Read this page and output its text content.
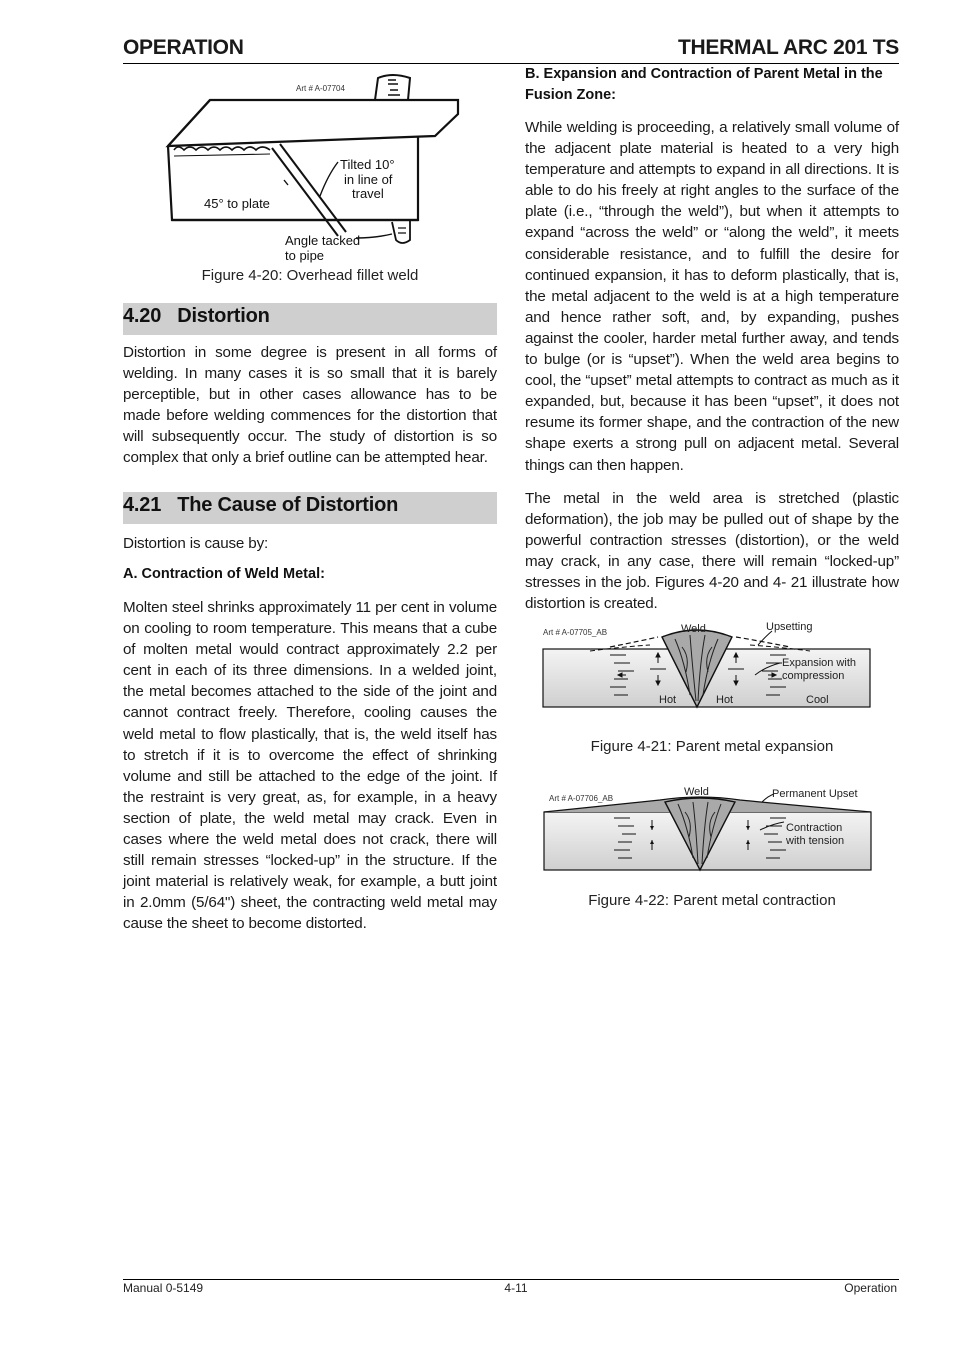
OPERATION	THERMAL ARC 201 TS
Tilted 10°
in line of
travel
45° to plate
Angle tacked
to pipe
Art # A-07704
Figure 4-20: Overhead fillet weld
4.20   Distortion
Distortion in some degree is present in all forms of welding. In many cases it is so small that it is barely perceptible, but in other cases allowance has to be made before welding commences for the distortion that will subsequently occur. The study of distortion is so complex that only a brief outline can be attempted hear.
4.21   The Cause of Distortion
Distortion is cause by:
A. Contraction of Weld Metal:
Molten steel shrinks approximately 11 per cent in volume on cooling to room temperature. This means that a cube of molten metal would contract approximately 2.2 per cent in each of its three dimensions. In a welded joint, the metal becomes attached to the side of the joint and cannot contract freely. Therefore, cooling causes the weld metal to flow plastically, that is, the weld itself has to stretch if it is to overcome the effect of shrinking volume and still be attached to the edge of the joint. If the restraint is very great, as, for example, in a heavy section of plate, the weld metal may crack. Even in cases where the weld metal does not crack, there will still remain stresses “locked-up” in the structure. If the joint material is relatively weak, for example, a butt joint in 2.0mm (5/64") sheet, the contracting weld metal may cause the sheet to become distorted.
B. Expansion and Contraction of Parent Metal in the Fusion Zone:
While welding is proceeding, a relatively small volume of the adjacent plate material is heated to a very high temperature and attempts to expand in all directions. It is able to do his freely at right angles to the surface of the plate (i.e., “through the weld”), but when it attempts to expand “across the weld” or “along the weld”, it meets considerable resistance, and to fulfill the desire for continued expansion, it has to deform plastically, that is, the metal adjacent to the weld is at a high temperature and hence rather soft, and, by expanding, pushes against the cooler, harder metal further away, and tends to bulge (or is “upset”). When the weld area begins to cool, the “upset” metal attempts to contract as much as it expanded, but, because it has been “upset”, it does not resume its former shape, and the contraction of the new shape exerts a strong pull on adjacent metal. Several things can then happen.
The metal in the weld area is stretched (plastic deformation), the job may be pulled out of shape by the powerful contraction stresses (distortion), or the weld may crack, in any case, there will remain “locked-up” stresses in the job. Figures 4-20 and 4- 21 illustrate how distortion is created.
Weld	Upsetting
Expansion with
compression
Hot	Hot	Cool
Art # A-07705_AB
Figure 4-21: Parent metal expansion
Weld	Permanent Upset
Contraction
with tension
Art # A-07706_AB
Figure 4-22: Parent metal contraction
Manual 0-5149	4-11	Operation
